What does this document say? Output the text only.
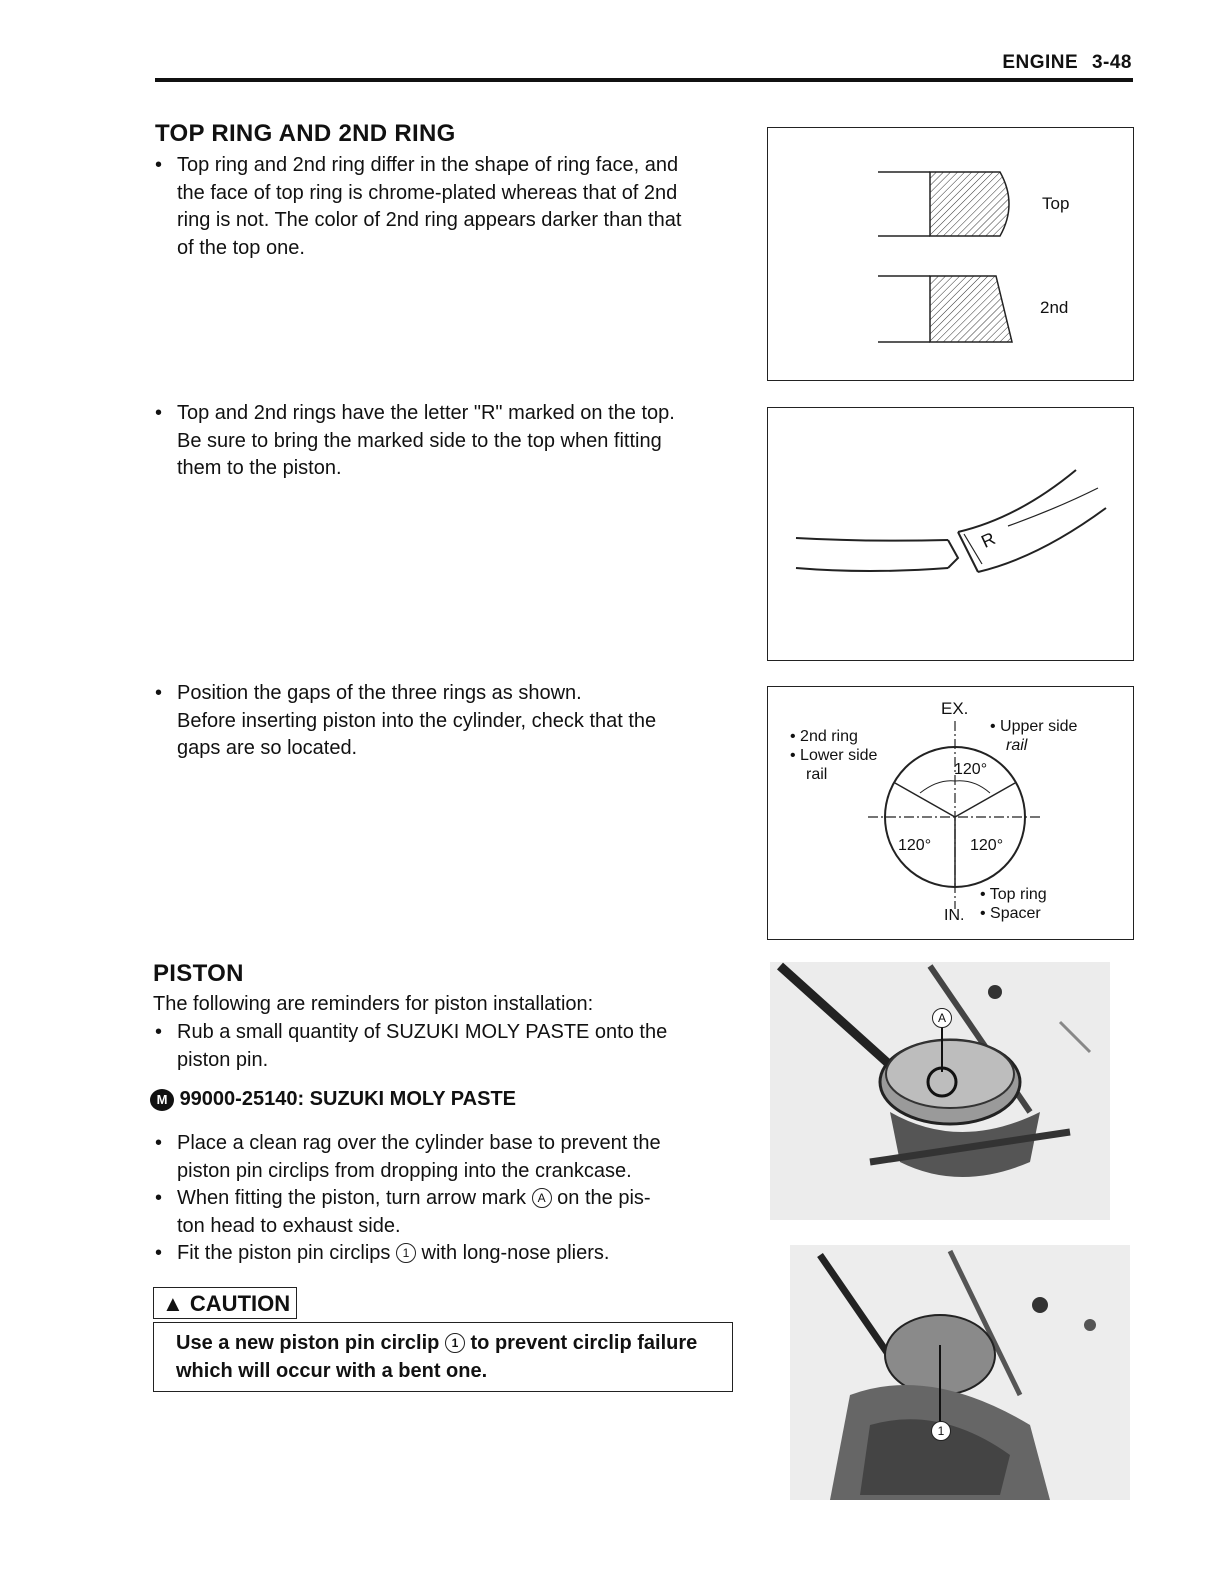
ENGINE 3-48
TOP RING AND 2ND RING
• Top ring and 2nd ring differ in the shape of ring face, and
the face of top ring is chrome-plated whereas that of 2nd
ring is not. The color of 2nd ring appears darker than that
of the top one.
• Top and 2nd rings have the letter "R" marked on the top.
Be sure to bring the marked side to the top when fitting
them to the piston.
• Position the gaps of the three rings as shown.
Before inserting piston into the cylinder, check that the
gaps are so located.
Top
2nd
R
EX.
IN.
120°
120° 120°
• 2nd ring
• Lower side
rail
• Upper side
rail
• Top ring
• Spacer
PISTON
The following are reminders for piston installation:
• Rub a small quantity of SUZUKI MOLY PASTE onto the
piston pin.
M 99000-25140: SUZUKI MOLY PASTE
• Place a clean rag over the cylinder base to prevent the
piston pin circlips from dropping into the crankcase.
• When fitting the piston, turn arrow mark A on the pis-
ton head to exhaust side.
• Fit the piston pin circlips 1 with long-nose pliers.
▲ CAUTION
Use a new piston pin circlip 1 to prevent circlip failure
which will occur with a bent one.
A
1
